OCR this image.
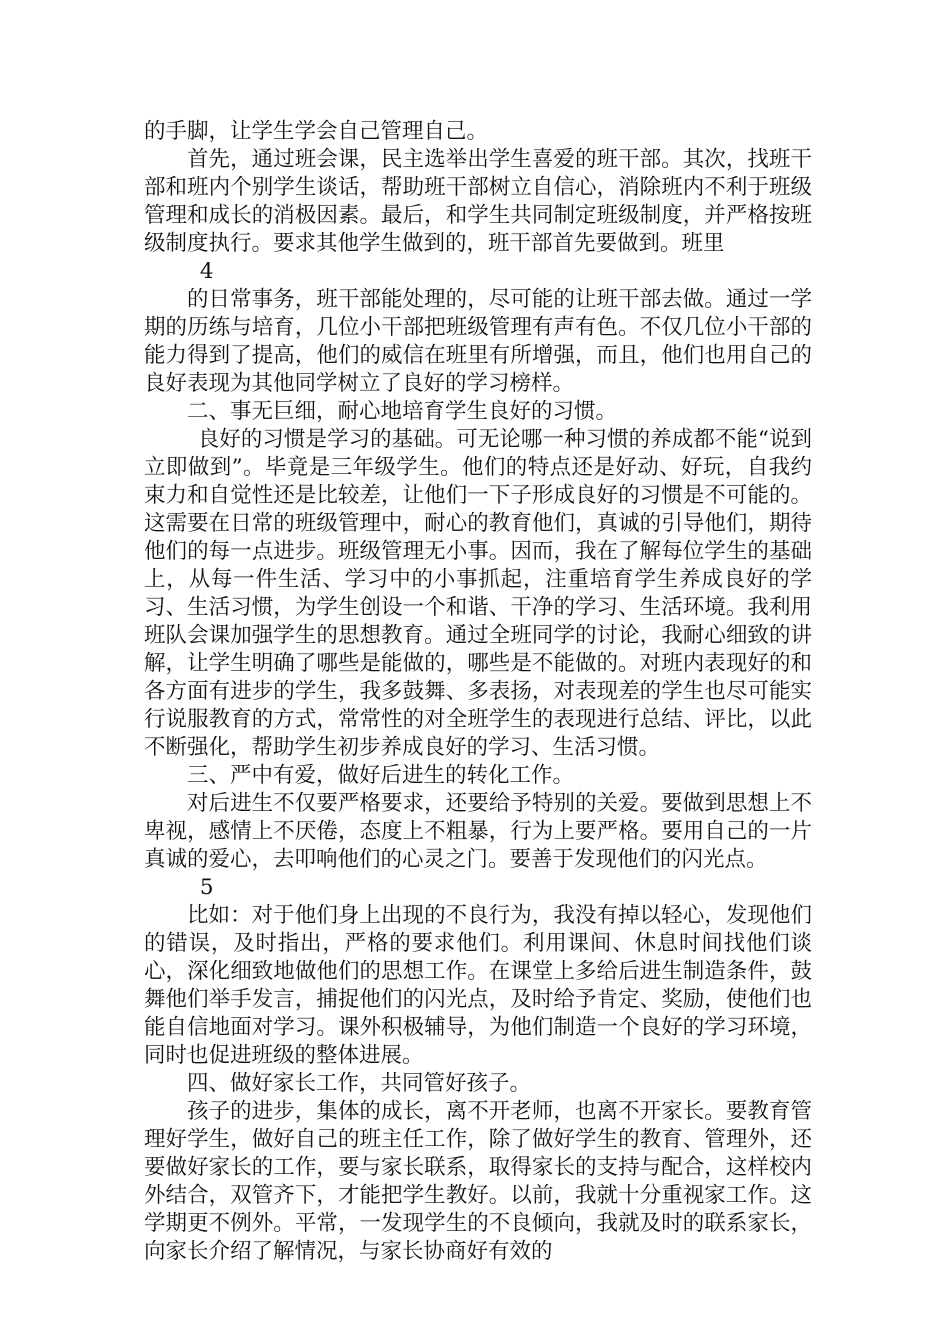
的手脚，让学生学会自己管理自己。

首先，通过班会课，民主选举出学生喜爱的班干部。其次，找班干部和班内个别学生谈话，帮助班干部树立自信心，消除班内不利于班级管理和成长的消极因素。最后，和学生共同制定班级制度，并严格按班级制度执行。要求其他学生做到的，班干部首先要做到。班里

4

的日常事务，班干部能处理的，尽可能的让班干部去做。通过一学期的历练与培育，几位小干部把班级管理有声有色。不仅几位小干部的能力得到了提高，他们的威信在班里有所增强，而且，他们也用自己的良好表现为其他同学树立了良好的学习榜样。

二、事无巨细，耐心地培育学生良好的习惯。

良好的习惯是学习的基础。可无论哪一种习惯的养成都不能“说到立即做到”。毕竟是三年级学生。他们的特点还是好动、好玩，自我约束力和自觉性还是比较差，让他们一下子形成良好的习惯是不可能的。这需要在日常的班级管理中，耐心的教育他们，真诚的引导他们，期待他们的每一点进步。班级管理无小事。因而，我在了解每位学生的基础上，从每一件生活、学习中的小事抓起，注重培育学生养成良好的学习、生活习惯，为学生创设一个和谐、干净的学习、生活环境。我利用班队会课加强学生的思想教育。通过全班同学的讨论，我耐心细致的讲解，让学生明确了哪些是能做的，哪些是不能做的。对班内表现好的和各方面有进步的学生，我多鼓舞、多表扬，对表现差的学生也尽可能实行说服教育的方式，常常性的对全班学生的表现进行总结、评比，以此不断强化，帮助学生初步养成良好的学习、生活习惯。

三、严中有爱，做好后进生的转化工作。

对后进生不仅要严格要求，还要给予特别的关爱。要做到思想上不卑视，感情上不厌倦，态度上不粗暴，行为上要严格。要用自己的一片真诚的爱心，去叩响他们的心灵之门。要善于发现他们的闪光点。

5

比如：对于他们身上出现的不良行为，我没有掉以轻心，发现他们的错误，及时指出，严格的要求他们。利用课间、休息时间找他们谈心，深化细致地做他们的思想工作。在课堂上多给后进生制造条件，鼓舞他们举手发言，捕捉他们的闪光点，及时给予肯定、奖励，使他们也能自信地面对学习。课外积极辅导，为他们制造一个良好的学习环境，同时也促进班级的整体进展。

四、做好家长工作，共同管好孩子。

孩子的进步，集体的成长，离不开老师，也离不开家长。要教育管理好学生，做好自己的班主任工作，除了做好学生的教育、管理外，还要做好家长的工作，要与家长联系，取得家长的支持与配合，这样校内外结合，双管齐下，才能把学生教好。以前，我就十分重视家工作。这学期更不例外。平常，一发现学生的不良倾向，我就及时的联系家长，向家长介绍了解情况，与家长协商好有效的
